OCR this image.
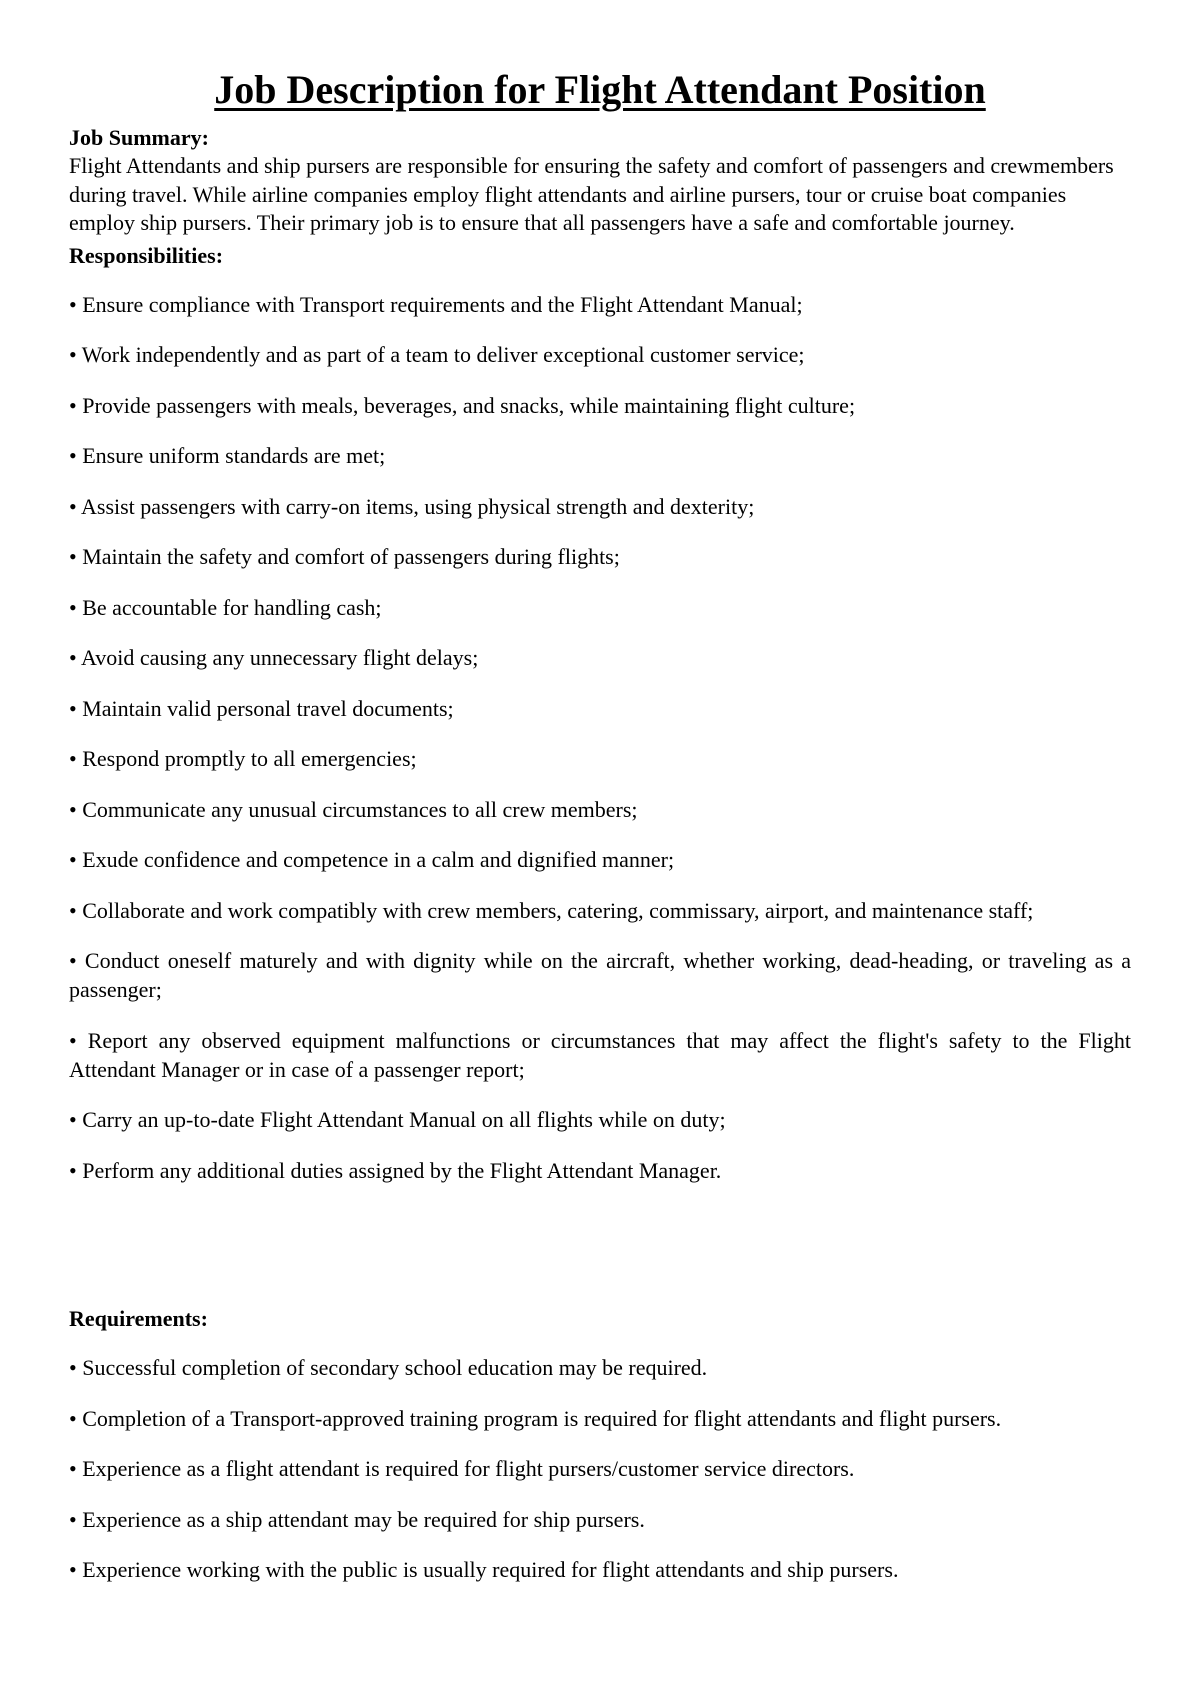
Job Description for Flight Attendant Position

Job Summary:

Flight Attendants and ship pursers are responsible for ensuring the safety and comfort of passengers and crewmembers during travel. While airline companies employ flight attendants and airline pursers, tour or cruise boat companies employ ship pursers. Their primary job is to ensure that all passengers have a safe and comfortable journey.

Responsibilities:

• Ensure compliance with Transport requirements and the Flight Attendant Manual;
• Work independently and as part of a team to deliver exceptional customer service;
• Provide passengers with meals, beverages, and snacks, while maintaining flight culture;
• Ensure uniform standards are met;
• Assist passengers with carry-on items, using physical strength and dexterity;
• Maintain the safety and comfort of passengers during flights;
• Be accountable for handling cash;
• Avoid causing any unnecessary flight delays;
• Maintain valid personal travel documents;
• Respond promptly to all emergencies;
• Communicate any unusual circumstances to all crew members;
• Exude confidence and competence in a calm and dignified manner;
• Collaborate and work compatibly with crew members, catering, commissary, airport, and maintenance staff;
• Conduct oneself maturely and with dignity while on the aircraft, whether working, dead-heading, or traveling as a passenger;
• Report any observed equipment malfunctions or circumstances that may affect the flight's safety to the Flight Attendant Manager or in case of a passenger report;
• Carry an up-to-date Flight Attendant Manual on all flights while on duty;
• Perform any additional duties assigned by the Flight Attendant Manager.

Requirements:

• Successful completion of secondary school education may be required.
• Completion of a Transport-approved training program is required for flight attendants and flight pursers.
• Experience as a flight attendant is required for flight pursers/customer service directors.
• Experience as a ship attendant may be required for ship pursers.
• Experience working with the public is usually required for flight attendants and ship pursers.
